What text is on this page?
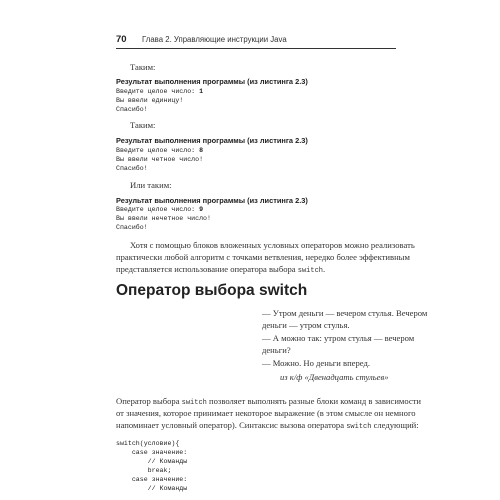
70 Глава 2. Управляющие инструкции Java

Таким:

Результат выполнения программы (из листинга 2.3)

Введите целое число: 1
Вы ввели единицу!
Спасибо!

Таким:

Результат выполнения программы (из листинга 2.3)

Введите целое число: 8
Вы ввели четное число!
Спасибо!

Или таким:

Результат выполнения программы (из листинга 2.3)

Введите целое число: 9
Вы ввели нечетное число!
Спасибо!

Хотя с помощью блоков вложенных условных операторов можно реализовать

практически любой алгоритм с точками ветвления, нередко более эффективным

представляется использование оператора выбора switch.

Оператор выбора switch

— Утром деньги — вечером стулья. Вечером

деньги — утром стулья.

— А можно так: утром стулья — вечером

деньги?

— Можно. Но деньги вперед.

из к/ф «Двенадцать стульев»

Оператор выбора switch позволяет выполнять разные блоки команд в зависимости

от значения, которое принимает некоторое выражение (в этом смысле он немного

напоминает условный оператор). Синтаксис вызова оператора switch следующий:

switch(условие){
case значение:
// Команды
break;
case значение:
// Команды
